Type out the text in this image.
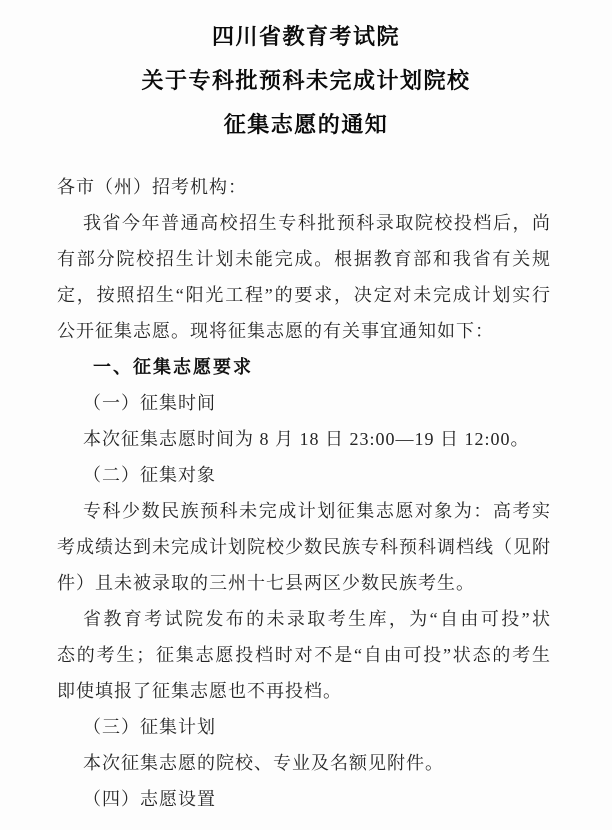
四川省教育考试院
关于专科批预科未完成计划院校
征集志愿的通知
各市（州）招考机构：
我省今年普通高校招生专科批预科录取院校投档后，尚
有部分院校招生计划未能完成。根据教育部和我省有关规
定，按照招生“阳光工程”的要求，决定对未完成计划实行
公开征集志愿。现将征集志愿的有关事宜通知如下：
一、征集志愿要求
（一）征集时间
本次征集志愿时间为 8 月 18 日 23:00—19 日 12:00。
（二）征集对象
专科少数民族预科未完成计划征集志愿对象为：高考实
考成绩达到未完成计划院校少数民族专科预科调档线（见附
件）且未被录取的三州十七县两区少数民族考生。
省教育考试院发布的未录取考生库，为“自由可投”状
态的考生；征集志愿投档时对不是“自由可投”状态的考生
即使填报了征集志愿也不再投档。
（三）征集计划
本次征集志愿的院校、专业及名额见附件。
（四）志愿设置
